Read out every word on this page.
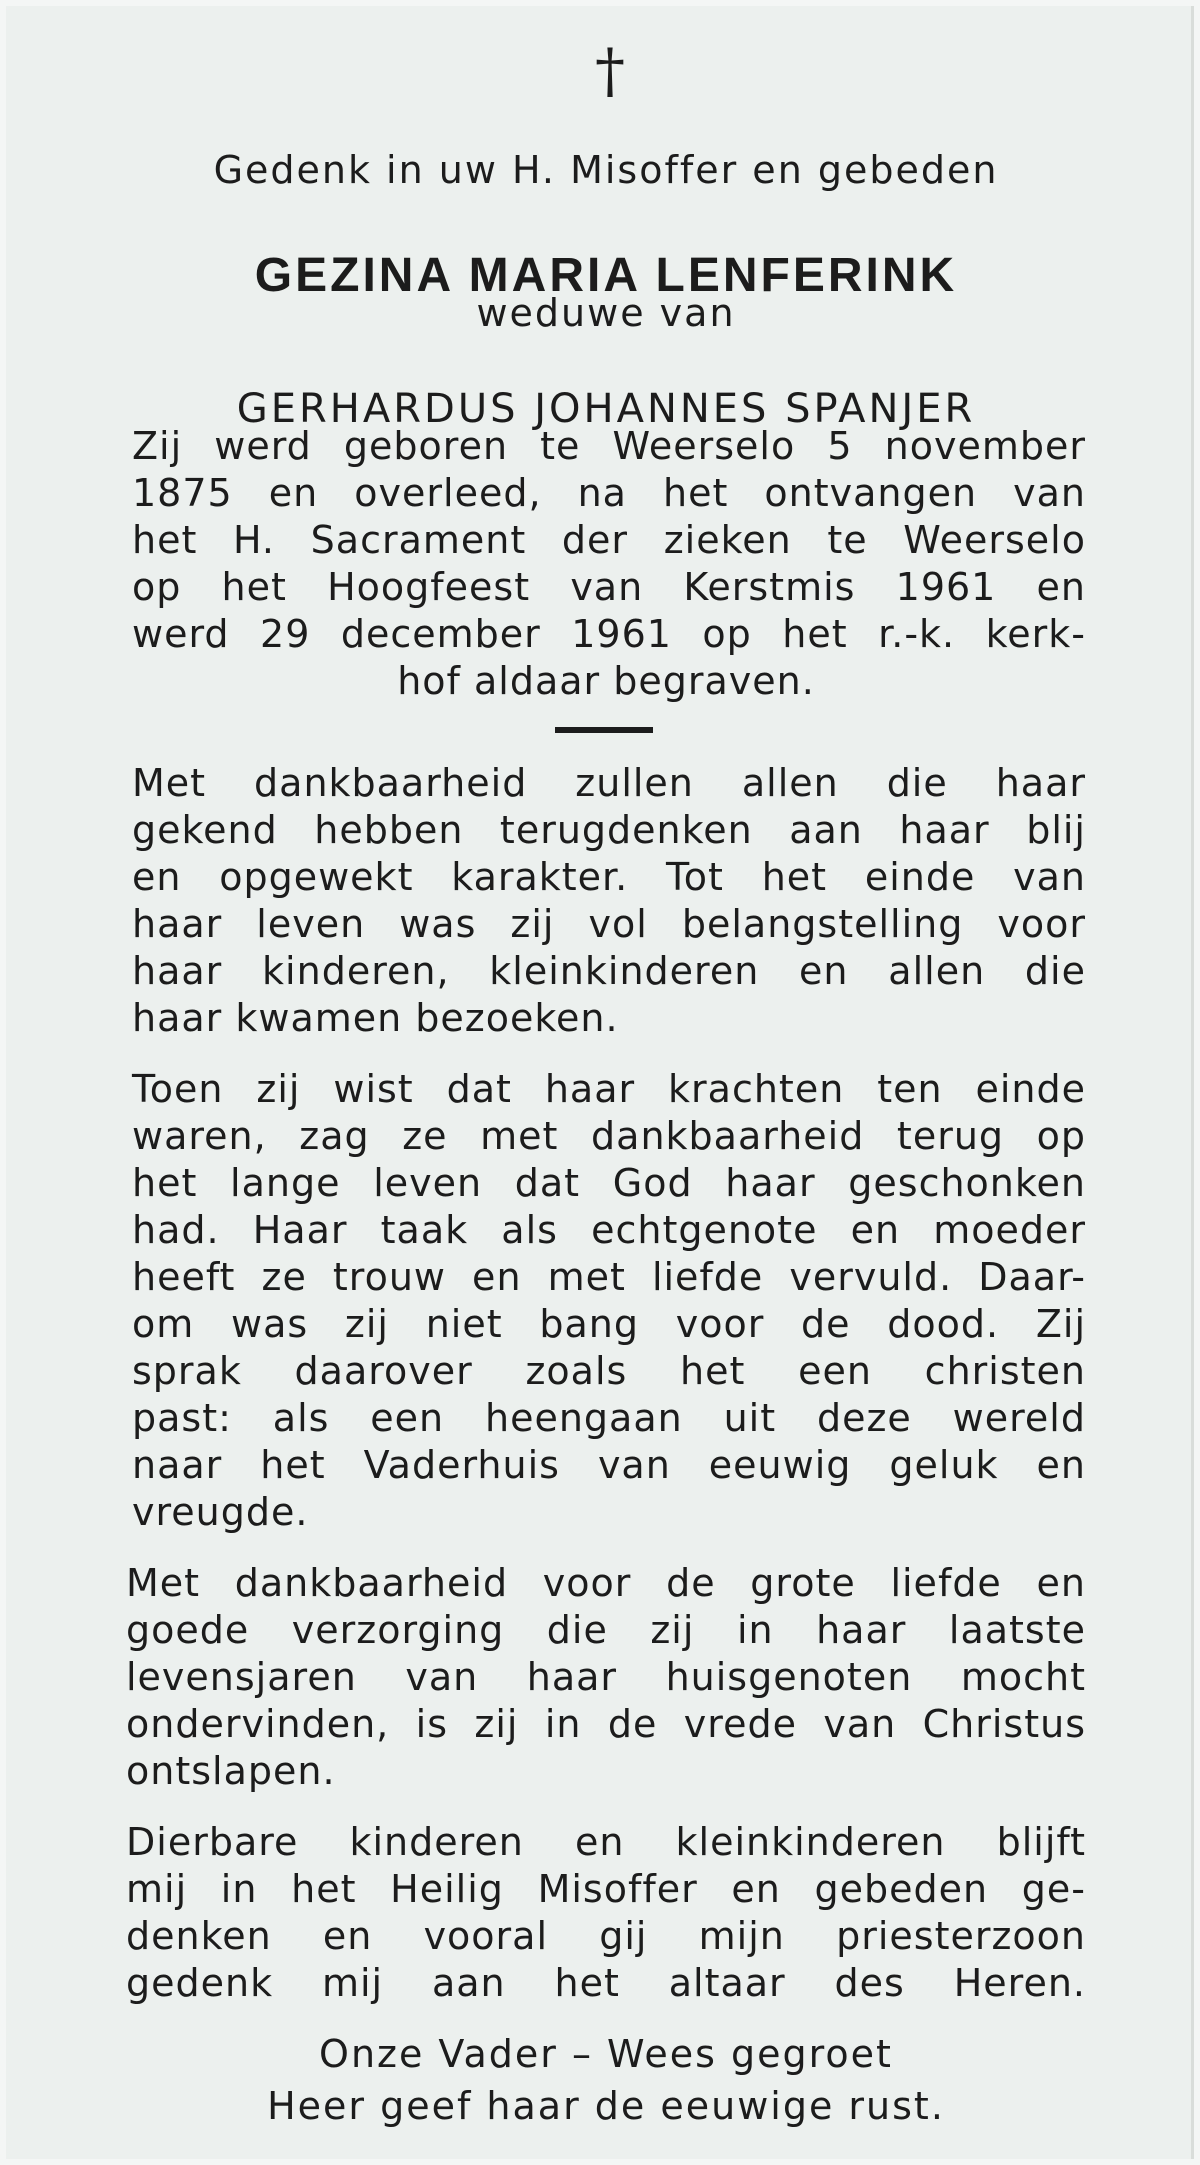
†

Gedenk in uw H. Misoffer en gebeden

GEZINA MARIA LENFERINK

weduwe van

GERHARDUS JOHANNES SPANJER

Zij werd geboren te Weerselo 5 november

1875 en overleed, na het ontvangen van

het H. Sacrament der zieken te Weerselo

op het Hoogfeest van Kerstmis 1961 en

werd 29 december 1961 op het r.-k. kerk-

hof aldaar begraven.

Met dankbaarheid zullen allen die haar

gekend hebben terugdenken aan haar blij

en opgewekt karakter. Tot het einde van

haar leven was zij vol belangstelling voor

haar kinderen, kleinkinderen en allen die

haar kwamen bezoeken.

Toen zij wist dat haar krachten ten einde

waren, zag ze met dankbaarheid terug op

het lange leven dat God haar geschonken

had. Haar taak als echtgenote en moeder

heeft ze trouw en met liefde vervuld. Daar-

om was zij niet bang voor de dood. Zij

sprak daarover zoals het een christen

past: als een heengaan uit deze wereld

naar het Vaderhuis van eeuwig geluk en

vreugde.

Met dankbaarheid voor de grote liefde en

goede verzorging die zij in haar laatste

levensjaren van haar huisgenoten mocht

ondervinden, is zij in de vrede van Christus

ontslapen.

Dierbare kinderen en kleinkinderen blijft

mij in het Heilig Misoffer en gebeden ge-

denken en vooral gij mijn priesterzoon

gedenk mij aan het altaar des Heren.

Onze Vader – Wees gegroet

Heer geef haar de eeuwige rust.
